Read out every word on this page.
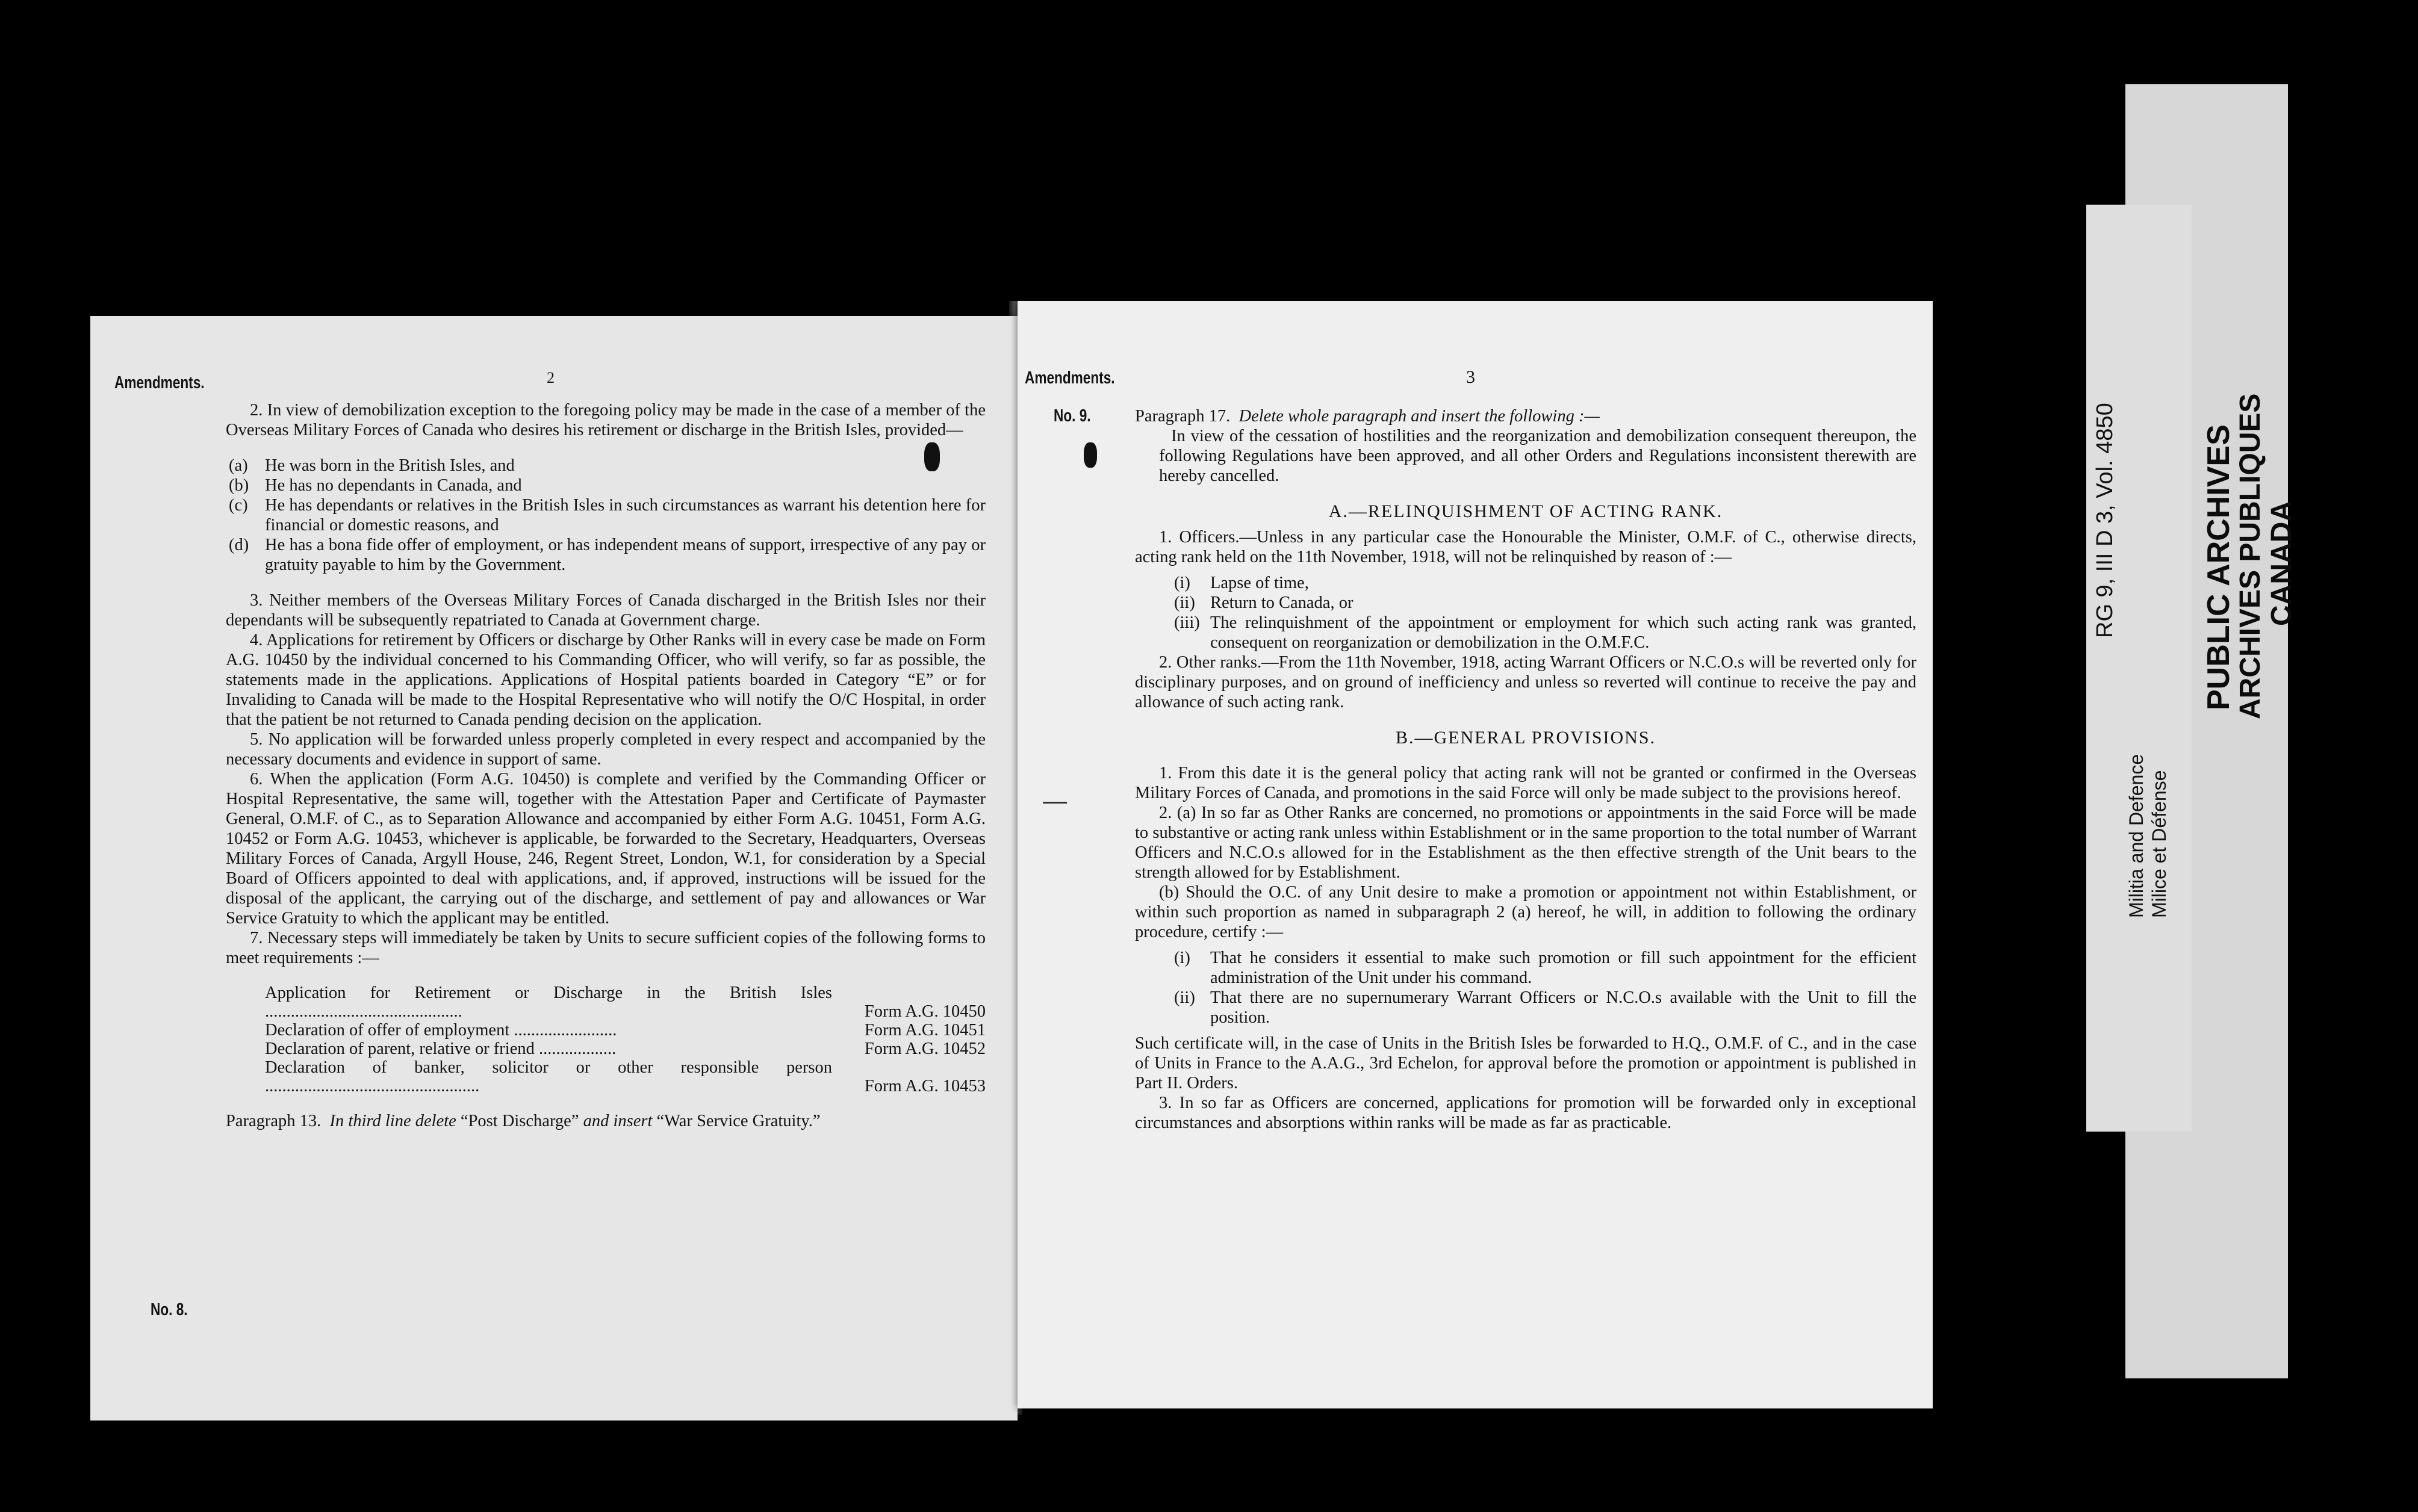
RG 9, III D 3, Vol. 4850
Militia and Defence Milice et Défense
PUBLIC ARCHIVES
ARCHIVES PUBLIQUES CANADA
Amendments.	2

2. In view of demobilization exception to the foregoing policy may be made in the case of a member of the Overseas Military Forces of Canada who desires his retirement or discharge in the British Isles, provided—

(a) He was born in the British Isles, and
(b) He has no dependants in Canada, and
(c) He has dependants or relatives in the British Isles in such circumstances as warrant his detention here for financial or domestic reasons, and
(d) He has a bona fide offer of employment, or has independent means of support, irrespective of any pay or gratuity payable to him by the Government.

3. Neither members of the Overseas Military Forces of Canada discharged in the British Isles nor their dependants will be subsequently repatriated to Canada at Government charge.

4. Applications for retirement by Officers or discharge by Other Ranks will in every case be made on Form A.G. 10450 by the individual concerned to his Commanding Officer, who will verify, so far as possible, the statements made in the applications. Applications of Hospital patients boarded in Category “E” or for Invaliding to Canada will be made to the Hospital Representative who will notify the O/C Hospital, in order that the patient be not returned to Canada pending decision on the application.

5. No application will be forwarded unless properly completed in every respect and accompanied by the necessary documents and evidence in support of same.

6. When the application (Form A.G. 10450) is complete and verified by the Commanding Officer or Hospital Representative, the same will, together with the Attestation Paper and Certificate of Paymaster General, O.M.F. of C., as to Separation Allowance and accompanied by either Form A.G. 10451, Form A.G. 10452 or Form A.G. 10453, whichever is applicable, be forwarded to the Secretary, Headquarters, Overseas Military Forces of Canada, Argyll House, 246, Regent Street, London, W.1, for consideration by a Special Board of Officers appointed to deal with applications, and, if approved, instructions will be issued for the disposal of the applicant, the carrying out of the discharge, and settlement of pay and allowances or War Service Gratuity to which the applicant may be entitled.

7. Necessary steps will immediately be taken by Units to secure sufficient copies of the following forms to meet requirements :—

Application for Retirement or Discharge in the British Isles ..............................................	Form A.G. 10450
Declaration of offer of employment ........................	Form A.G. 10451
Declaration of parent, relative or friend ..................	Form A.G. 10452
Declaration of banker, solicitor or other responsible person ..................................................	Form A.G. 10453

Paragraph 13. In third line delete “Post Discharge” and insert “War Service Gratuity.”

No. 8.
Amendments.	3
No. 9.	Paragraph 17. Delete whole paragraph and insert the following :—

In view of the cessation of hostilities and the reorganization and demobilization consequent thereupon, the following Regulations have been approved, and all other Orders and Regulations inconsistent therewith are hereby cancelled.

A.—RELINQUISHMENT OF ACTING RANK.

1. Officers.—Unless in any particular case the Honourable the Minister, O.M.F. of C., otherwise directs, acting rank held on the 11th November, 1918, will not be relinquished by reason of :—

(i)	Lapse of time,
(ii) Return to Canada, or
(iii) The relinquishment of the appointment or employment for which such acting rank was granted, consequent on reorganization or demobilization in the O.M.F.C.

2. Other ranks.—From the 11th November, 1918, acting Warrant Officers or N.C.O.s will be reverted only for disciplinary purposes, and on ground of inefficiency and unless so reverted will continue to receive the pay and allowance of such acting rank.

B.—GENERAL PROVISIONS.

1. From this date it is the general policy that acting rank will not be granted or confirmed in the Overseas Military Forces of Canada, and promotions in the said Force will only be made subject to the provisions hereof.

2. (a) In so far as Other Ranks are concerned, no promotions or appointments in the said Force will be made to substantive or acting rank unless within Establishment or in the same proportion to the total number of Warrant Officers and N.C.O.s allowed for in the Establishment as the then effective strength of the Unit bears to the strength allowed for by Establishment.

(b) Should the O.C. of any Unit desire to make a promotion or appointment not within Establishment, or within such proportion as named in subparagraph 2 (a) hereof, he will, in addition to following the ordinary procedure, certify :—

(i)	That he considers it essential to make such promotion or fill such appointment for the efficient administration of the Unit under his command.
(ii) That there are no supernumerary Warrant Officers or N.C.O.s available with the Unit to fill the position.

Such certificate will, in the case of Units in the British Isles be forwarded to H.Q., O.M.F. of C., and in the case of Units in France to the A.A.G., 3rd Echelon, for approval before the promotion or appointment is published in Part II. Orders.

3. In so far as Officers are concerned, applications for promotion will be forwarded only in exceptional circumstances and absorptions within ranks will be made as far as practicable.
